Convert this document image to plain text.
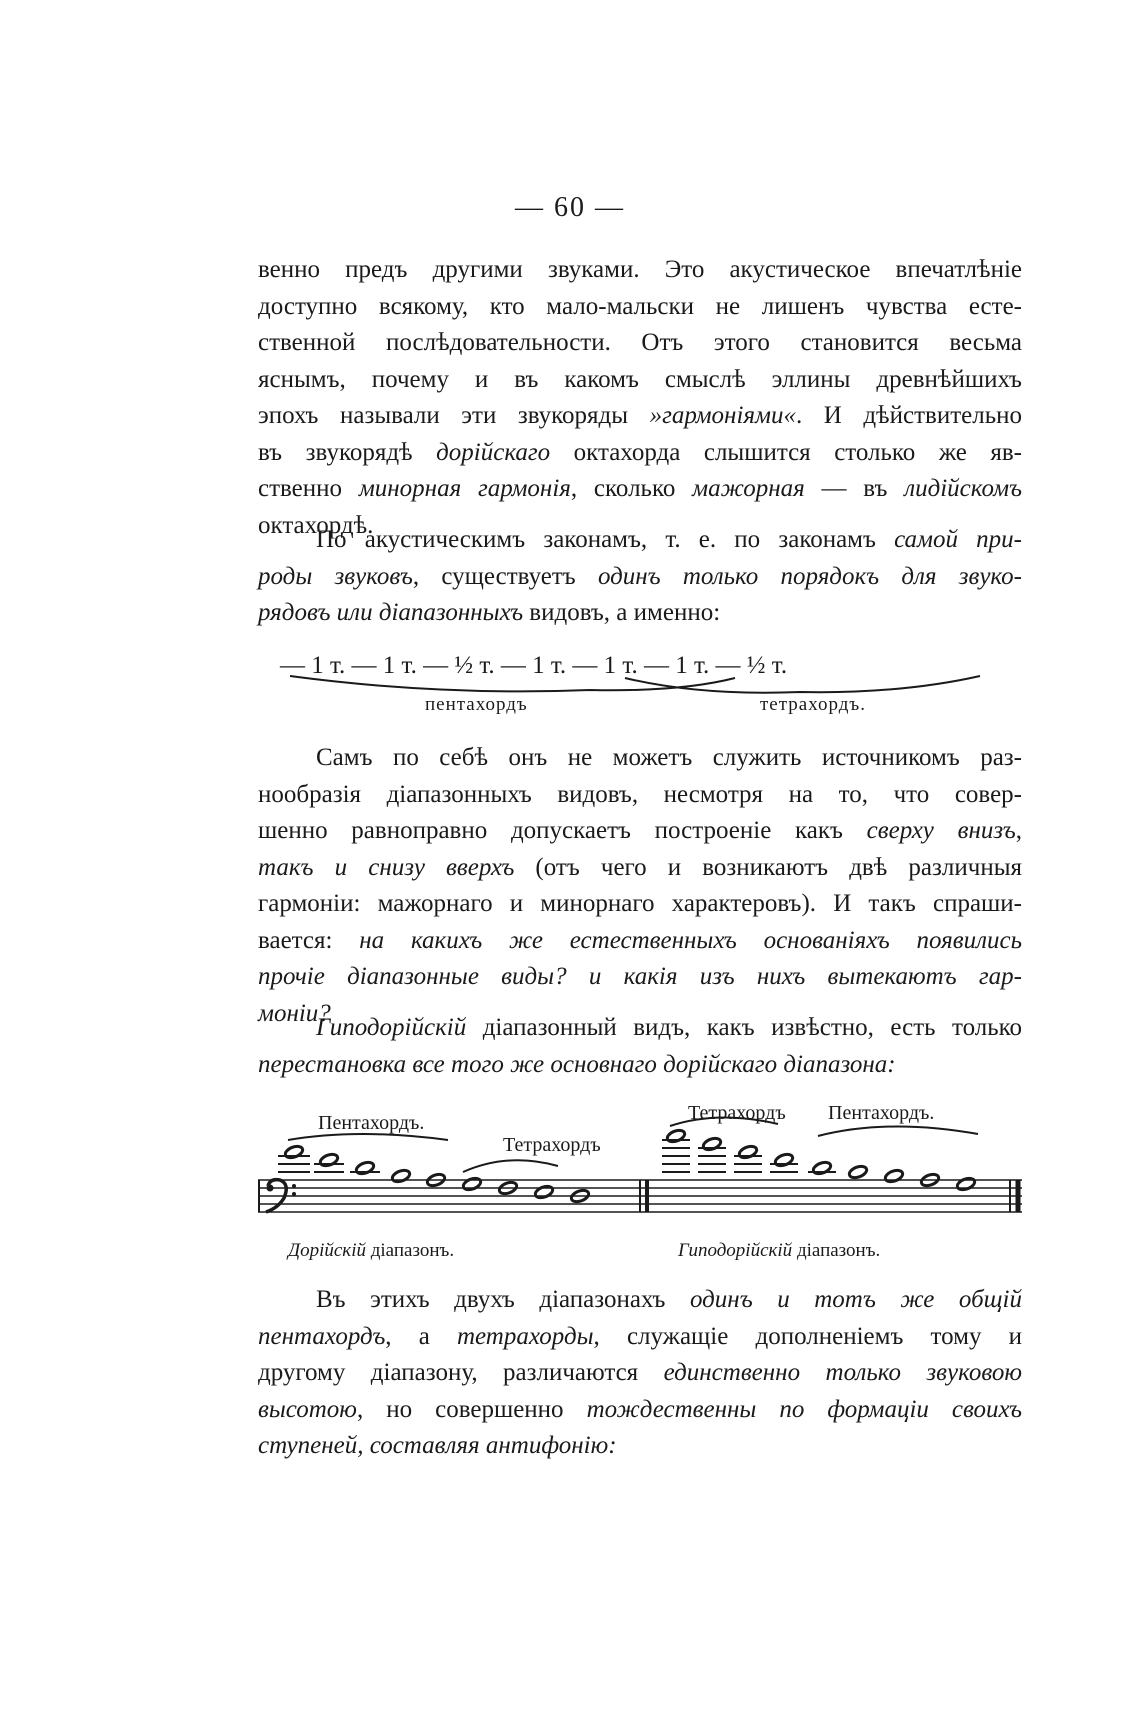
— 60 —
венно предъ другими звуками. Это акустическое впечатлѣніе
доступно всякому, кто мало-мальски не лишенъ чувства есте-
ственной послѣдовательности. Отъ этого становится весьма
яснымъ, почему и въ какомъ смыслѣ эллины древнѣйшихъ
эпохъ называли эти звукоряды »гармоніями«. И дѣйствительно
въ звукорядѣ дорійскаго октахорда слышится столько же яв-
ственно минорная гармонія, сколько мажорная — въ лидійскомъ
октахордѣ.
По акустическимъ законамъ, т. е. по законамъ самой при-
роды звуковъ, существуетъ одинъ только порядокъ для звуко-
рядовъ или діапазонныхъ видовъ, а именно:
— 1 т. — 1 т. — ½ т. — 1 т. — 1 т. — 1 т. — ½ т.
пентахордъ	тетрахордъ.
Самъ по себѣ онъ не можетъ служить источникомъ раз-
нообразія діапазонныхъ видовъ, несмотря на то, что совер-
шенно равноправно допускаетъ построеніе какъ сверху внизъ,
такъ и снизу вверхъ (отъ чего и возникаютъ двѣ различныя
гармоніи: мажорнаго и минорнаго характеровъ). И такъ спраши-
вается: на какихъ же естественныхъ основаніяхъ появились
прочіе діапазонные виды? и какія изъ нихъ вытекаютъ гар-
моніи?
Гиподорійскій діапазонный видъ, какъ извѣстно, есть только
перестановка все того же основнаго дорійскаго діапазона:
Пентахордъ.
Тетрахордъ
Тетрахордъ Пентахордъ.
Дорійскій діапазонъ.	Гиподорійскій діапазонъ.
Въ этихъ двухъ діапазонахъ одинъ и тотъ же общій
пентахордъ, а тетрахорды, служащіе дополненіемъ тому и
другому діапазону, различаются единственно только звуковою
высотою, но совершенно тождественны по формаціи своихъ
ступеней, составляя антифонію:
